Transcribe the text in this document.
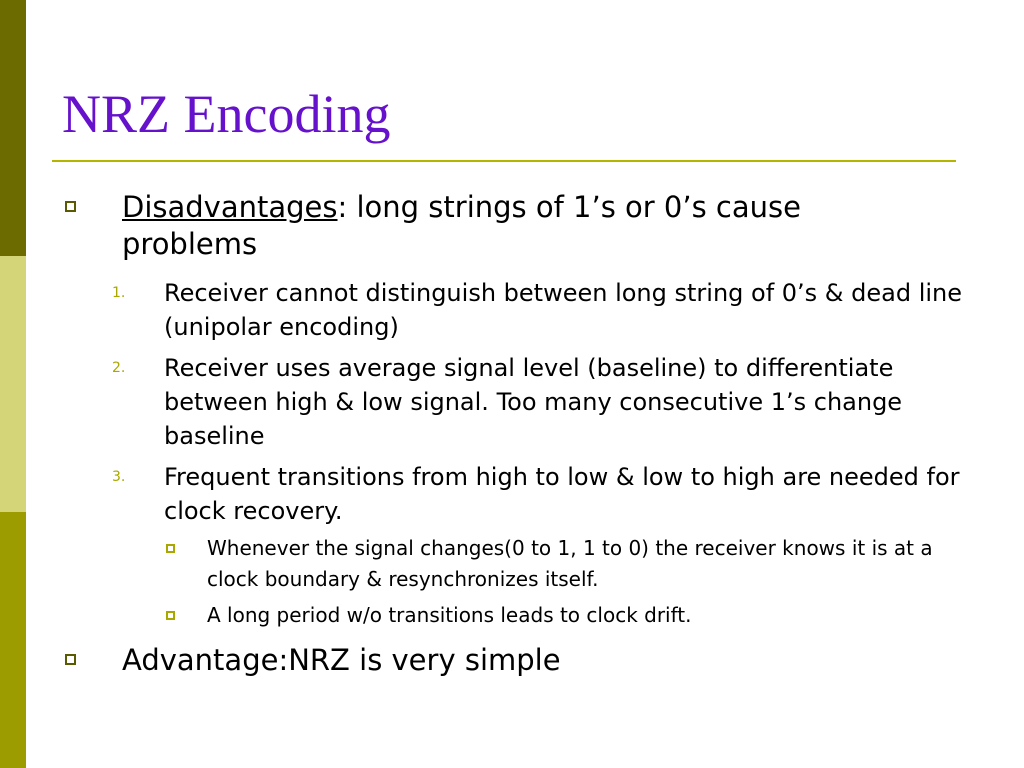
NRZ Encoding
Disadvantages: long strings of 1’s or 0’s cause problems
1. Receiver cannot distinguish between long string of 0’s & dead line (unipolar encoding)
2. Receiver uses average signal level (baseline) to differentiate between high & low signal. Too many consecutive 1’s change baseline
3. Frequent transitions from high to low & low to high are needed for clock recovery.
Whenever the signal changes(0 to 1, 1 to 0) the receiver knows it is at a clock boundary & resynchronizes itself.
A long period w/o transitions leads to clock drift.
Advantage:NRZ is very simple
